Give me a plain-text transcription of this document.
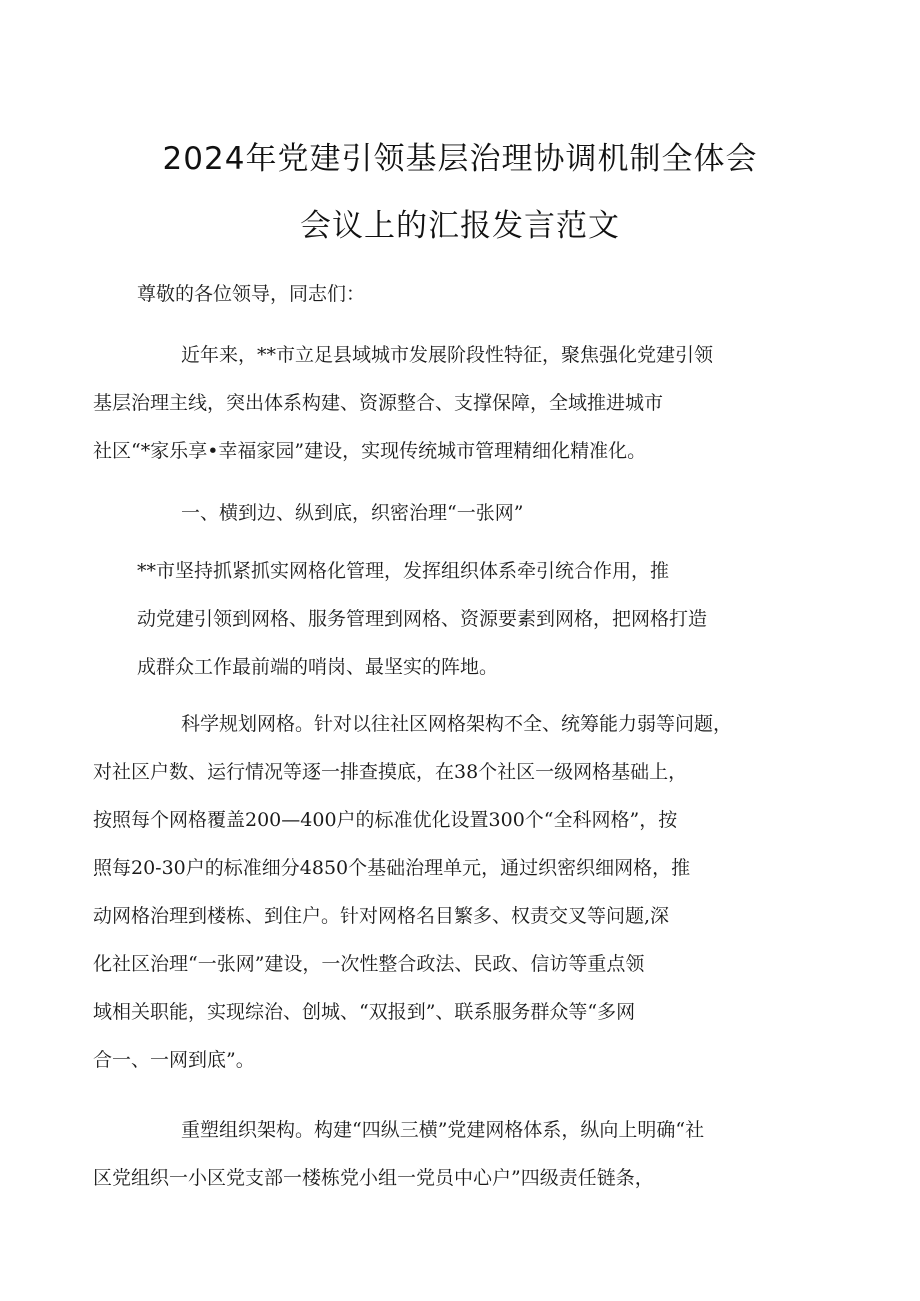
2024年党建引领基层治理协调机制全体会
会议上的汇报发言范文
尊敬的各位领导，同志们：
近年来，**市立足县域城市发展阶段性特征，聚焦强化党建引领
基层治理主线，突出体系构建、资源整合、支撑保障，全域推进城市
社区“*家乐享•幸福家园”建设，实现传统城市管理精细化精准化。
一、横到边、纵到底，织密治理“一张网”
**市坚持抓紧抓实网格化管理，发挥组织体系牵引统合作用，推
动党建引领到网格、服务管理到网格、资源要素到网格，把网格打造
成群众工作最前端的哨岗、最坚实的阵地。
科学规划网格。针对以往社区网格架构不全、统筹能力弱等问题，
对社区户数、运行情况等逐一排查摸底，在38个社区一级网格基础上，
按照每个网格覆盖200—400户的标准优化设置300个“全科网格”，按
照每20-30户的标准细分4850个基础治理单元，通过织密织细网格，推
动网格治理到楼栋、到住户。针对网格名目繁多、权责交叉等问题,深
化社区治理“一张网”建设，一次性整合政法、民政、信访等重点领
域相关职能，实现综治、创城、“双报到”、联系服务群众等“多网
合一、一网到底”。
重塑组织架构。构建“四纵三横”党建网格体系，纵向上明确“社
区党组织一小区党支部一楼栋党小组一党员中心户”四级责任链条，
